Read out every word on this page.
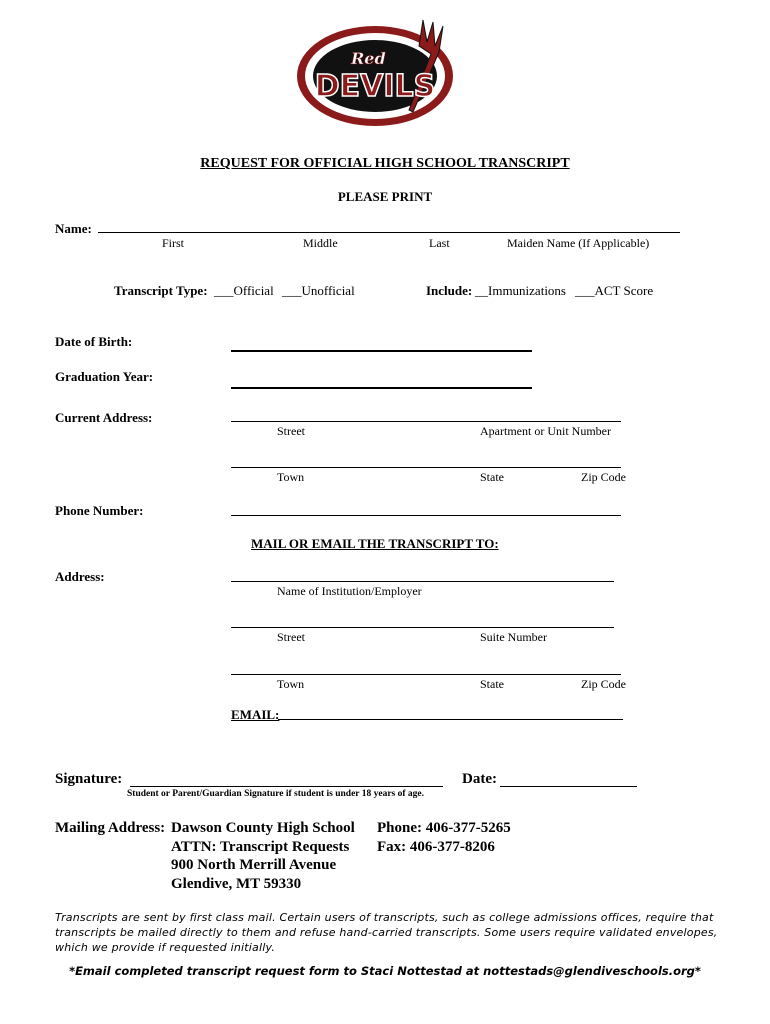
Red
DEVILS
REQUEST FOR OFFICIAL HIGH SCHOOL TRANSCRIPT
PLEASE PRINT
Name:
First	Middle	Last	Maiden Name (If Applicable)
Transcript Type: ___Official ___Unofficial	Include: __Immunizations ___ACT Score
Date of Birth:
Graduation Year:
Current Address:
Street	Apartment or Unit Number
Town	State	Zip Code
Phone Number:
MAIL OR EMAIL THE TRANSCRIPT TO:
Address:
Name of Institution/Employer
Street	Suite Number
Town	State	Zip Code
EMAIL:
Signature:
Student or Parent/Guardian Signature if student is under 18 years of age.
Date:
Mailing Address: Dawson County High School
ATTN: Transcript Requests
900 North Merrill Avenue
Glendive, MT 59330
Phone: 406-377-5265
Fax: 406-377-8206
Transcripts are sent by first class mail. Certain users of transcripts, such as college admissions offices, require that
transcripts be mailed directly to them and refuse hand-carried transcripts. Some users require validated envelopes,
which we provide if requested initially.
*Email completed transcript request form to Staci Nottestad at nottestads@glendiveschools.org*
